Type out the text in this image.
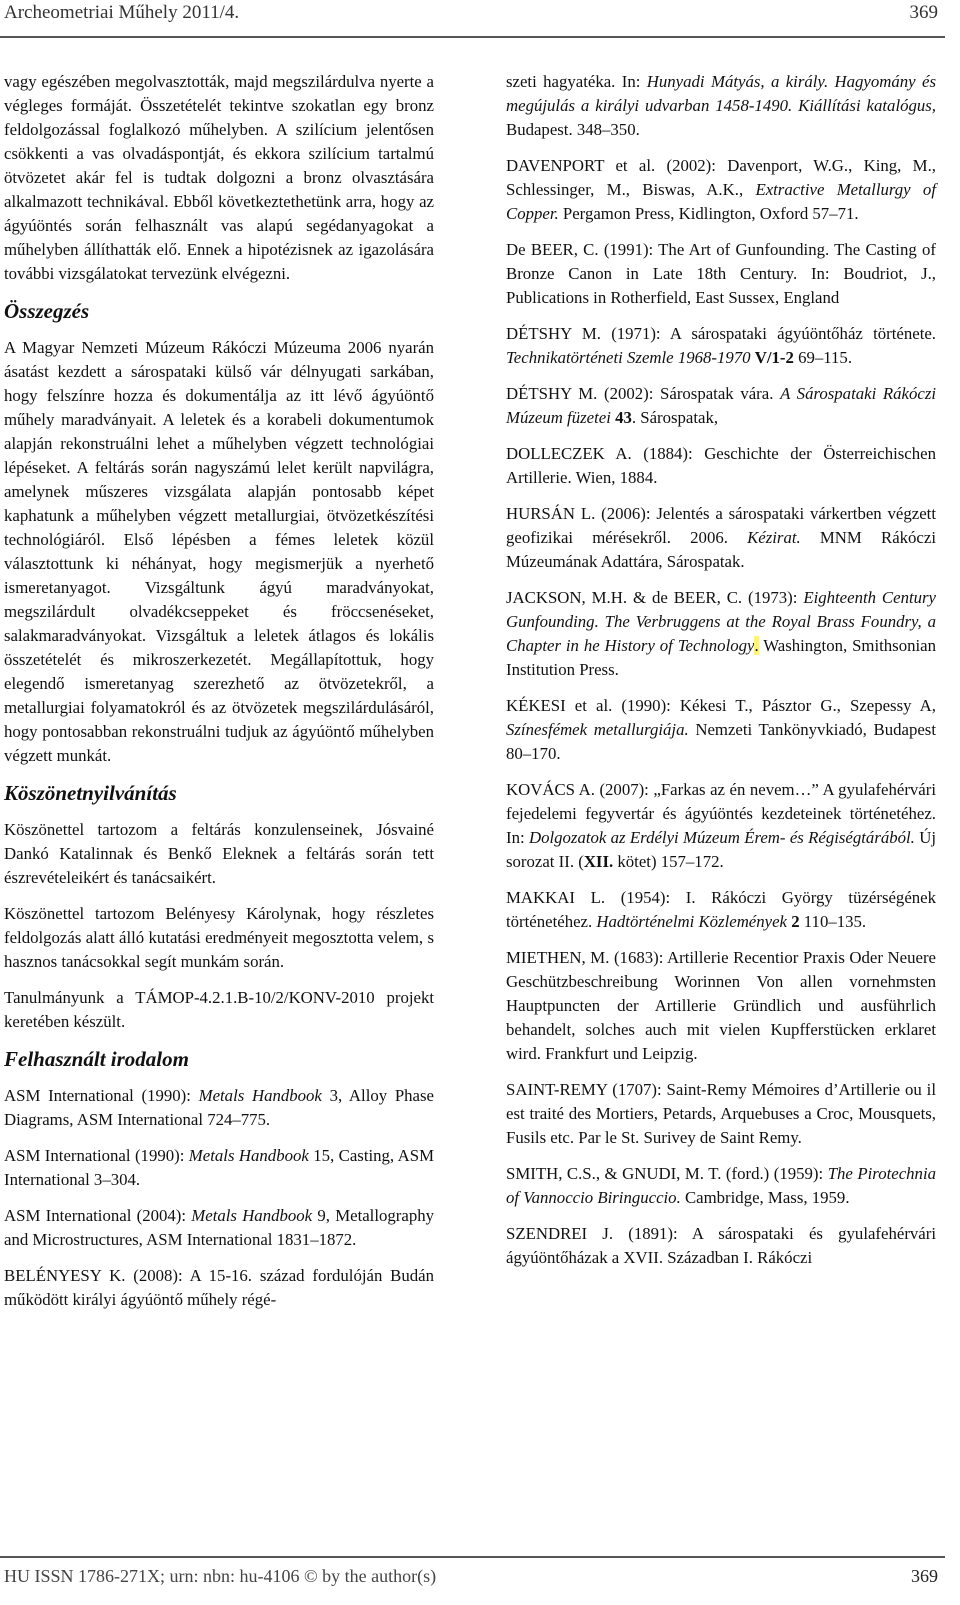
Archeometriai Műhely 2011/4.	369

vagy egészében megolvasztották, majd megszilárdulva nyerte a végleges formáját. Összetételét tekintve szokatlan egy bronz feldolgozással foglalkozó műhelyben. A szilícium jelentősen csökkenti a vas olvadáspontját, és ekkora szilícium tartalmú ötvözetet akár fel is tudtak dolgozni a bronz olvasztására alkalmazott technikával. Ebből következtethetünk arra, hogy az ágyúöntés során felhasznált vas alapú segédanyagokat a műhelyben állíthatták elő. Ennek a hipotézisnek az igazolására további vizsgálatokat tervezünk elvégezni.

Összegzés

A Magyar Nemzeti Múzeum Rákóczi Múzeuma 2006 nyarán ásatást kezdett a sárospataki külső vár délnyugati sarkában, hogy felszínre hozza és dokumentálja az itt lévő ágyúöntő műhely maradványait. A leletek és a korabeli dokumentumok alapján rekonstruálni lehet a műhelyben végzett technológiai lépéseket. A feltárás során nagyszámú lelet került napvilágra, amelynek műszeres vizsgálata alapján pontosabb képet kaphatunk a műhelyben végzett metallurgiai, ötvözetkészítési technológiáról. Első lépésben a fémes leletek közül választottunk ki néhányat, hogy megismerjük a nyerhető ismeretanyagot. Vizsgáltunk ágyú maradványokat, megszilárdult olvadékcseppeket és fröccsenéseket, salakmaradványokat. Vizsgáltuk a leletek átlagos és lokális összetételét és mikroszerkezetét. Megállapítottuk, hogy elegendő ismeretanyag szerezhető az ötvözetekről, a metallurgiai folyamatokról és az ötvözetek megszilárdulásáról, hogy pontosabban rekonstruálni tudjuk az ágyúöntő műhelyben végzett munkát.

Köszönetnyilvánítás

Köszönettel tartozom a feltárás konzulenseinek, Jósvainé Dankó Katalinnak és Benkő Eleknek a feltárás során tett észrevételeikért és tanácsaikért.

Köszönettel tartozom Belényesy Károlynak, hogy részletes feldolgozás alatt álló kutatási eredményeit megosztotta velem, s hasznos tanácsokkal segít munkám során.

Tanulmányunk a TÁMOP-4.2.1.B-10/2/KONV-2010 projekt keretében készült.

Felhasznált irodalom

ASM International (1990): Metals Handbook 3, Alloy Phase Diagrams, ASM International 724–775.

ASM International (1990): Metals Handbook 15, Casting, ASM International 3–304.

ASM International (2004): Metals Handbook 9, Metallography and Microstructures, ASM International 1831–1872.

BELÉNYESY K. (2008): A 15-16. század fordulóján Budán működött királyi ágyúöntő műhely régé-

szeti hagyatéka. In: Hunyadi Mátyás, a király. Hagyomány és megújulás a királyi udvarban 1458-1490. Kiállítási katalógus, Budapest. 348–350.

DAVENPORT et al. (2002): Davenport, W.G., King, M., Schlessinger, M., Biswas, A.K., Extractive Metallurgy of Copper. Pergamon Press, Kidlington, Oxford 57–71.

De BEER, C. (1991): The Art of Gunfounding. The Casting of Bronze Canon in Late 18th Century. In: Boudriot, J., Publications in Rotherfield, East Sussex, England

DÉTSHY M. (1971): A sárospataki ágyúöntőház története. Technikatörténeti Szemle 1968-1970 V/1-2 69–115.

DÉTSHY M. (2002): Sárospatak vára. A Sárospataki Rákóczi Múzeum füzetei 43. Sárospatak,

DOLLECZEK A. (1884): Geschichte der Österreichischen Artillerie. Wien, 1884.

HURSÁN L. (2006): Jelentés a sárospataki várkertben végzett geofizikai mérésekről. 2006. Kézirat. MNM Rákóczi Múzeumának Adattára, Sárospatak.

JACKSON, M.H. & de BEER, C. (1973): Eighteenth Century Gunfounding. The Verbruggens at the Royal Brass Foundry, a Chapter in he History of Technology. Washington, Smithsonian Institution Press.

KÉKESI et al. (1990): Kékesi T., Pásztor G., Szepessy A, Színesfémek metallurgiája. Nemzeti Tankönyvkiadó, Budapest 80–170.

KOVÁCS A. (2007): „Farkas az én nevem…” A gyulafehérvári fejedelemi fegyvertár és ágyúöntés kezdeteinek történetéhez. In: Dolgozatok az Erdélyi Múzeum Érem- és Régiségtárából. Új sorozat II. (XII. kötet) 157–172.

MAKKAI L. (1954): I. Rákóczi György tüzérségének történetéhez. Hadtörténelmi Közlemények 2 110–135.

MIETHEN, M. (1683): Artillerie Recentior Praxis Oder Neuere Geschützbeschreibung Worinnen Von allen vornehmsten Hauptpuncten der Artillerie Gründlich und ausführlich behandelt, solches auch mit vielen Kupfferstücken erklaret wird. Frankfurt und Leipzig.

SAINT-REMY (1707): Saint-Remy Mémoires d’Artillerie ou il est traité des Mortiers, Petards, Arquebuses a Croc, Mousquets, Fusils etc. Par le St. Surivey de Saint Remy.

SMITH, C.S., & GNUDI, M. T. (ford.) (1959): The Pirotechnia of Vannoccio Biringuccio. Cambridge, Mass, 1959.

SZENDREI J. (1891): A sárospataki és gyulafehérvári ágyúöntőházak a XVII. Században I. Rákóczi

HU ISSN 1786-271X; urn: nbn: hu-4106 © by the author(s)	369
